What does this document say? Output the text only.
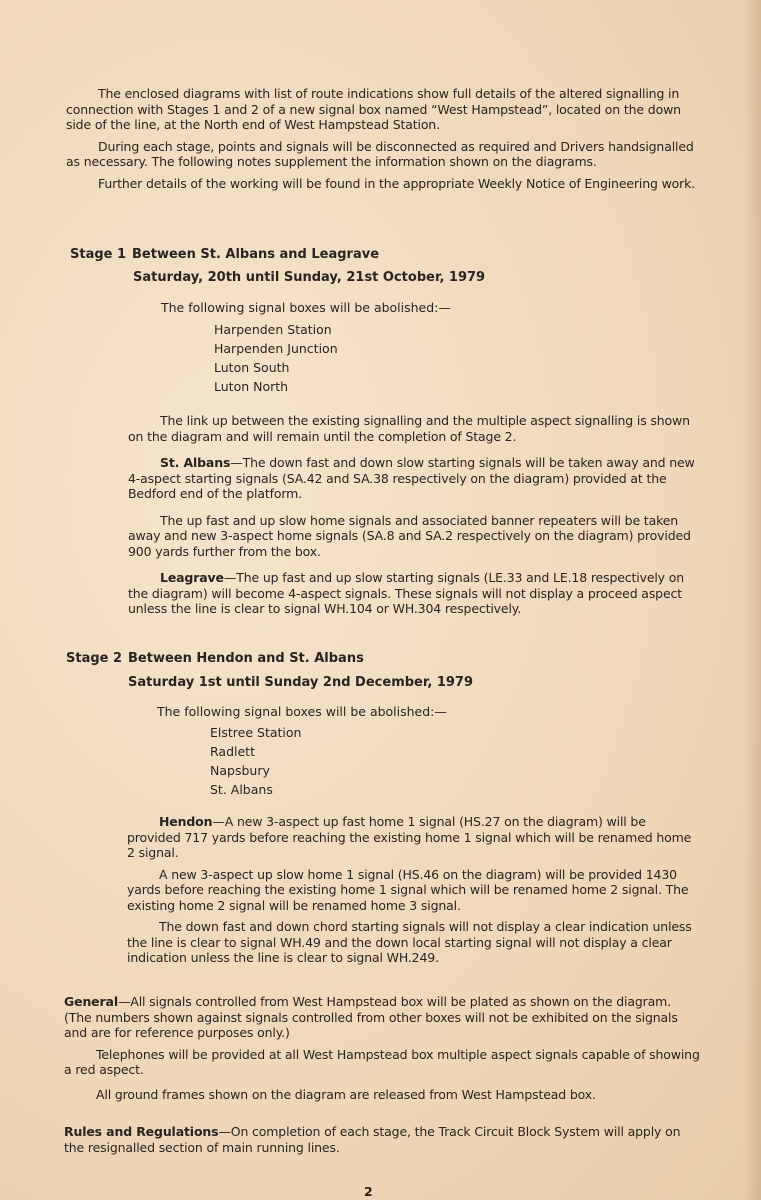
The enclosed diagrams with list of route indications show full details of the altered signalling in connection with Stages 1 and 2 of a new signal box named “West Hampstead”, located on the down side of the line, at the North end of West Hampstead Station.

During each stage, points and signals will be disconnected as required and Drivers handsignalled as necessary. The following notes supplement the information shown on the diagrams.

Further details of the working will be found in the appropriate Weekly Notice of Engineering work.

Stage 1 Between St. Albans and Leagrave
Saturday, 20th until Sunday, 21st October, 1979
The following signal boxes will be abolished:—
Harpenden Station
Harpenden Junction
Luton South
Luton North

The link up between the existing signalling and the multiple aspect signalling is shown on the diagram and will remain until the completion of Stage 2.

St. Albans—The down fast and down slow starting signals will be taken away and new 4-aspect starting signals (SA.42 and SA.38 respectively on the diagram) provided at the Bedford end of the platform.

The up fast and up slow home signals and associated banner repeaters will be taken away and new 3-aspect home signals (SA.8 and SA.2 respectively on the diagram) provided 900 yards further from the box.

Leagrave—The up fast and up slow starting signals (LE.33 and LE.18 respectively on the diagram) will become 4-aspect signals. These signals will not display a proceed aspect unless the line is clear to signal WH.104 or WH.304 respectively.

Stage 2 Between Hendon and St. Albans
Saturday 1st until Sunday 2nd December, 1979
The following signal boxes will be abolished:—
Elstree Station
Radlett
Napsbury
St. Albans

Hendon—A new 3-aspect up fast home 1 signal (HS.27 on the diagram) will be provided 717 yards before reaching the existing home 1 signal which will be renamed home 2 signal.

A new 3-aspect up slow home 1 signal (HS.46 on the diagram) will be provided 1430 yards before reaching the existing home 1 signal which will be renamed home 2 signal. The existing home 2 signal will be renamed home 3 signal.

The down fast and down chord starting signals will not display a clear indication unless the line is clear to signal WH.49 and the down local starting signal will not display a clear indication unless the line is clear to signal WH.249.

General—All signals controlled from West Hampstead box will be plated as shown on the diagram. (The numbers shown against signals controlled from other boxes will not be exhibited on the signals and are for reference purposes only.)

Telephones will be provided at all West Hampstead box multiple aspect signals capable of showing a red aspect.

All ground frames shown on the diagram are released from West Hampstead box.

Rules and Regulations—On completion of each stage, the Track Circuit Block System will apply on the resignalled section of main running lines.

2
